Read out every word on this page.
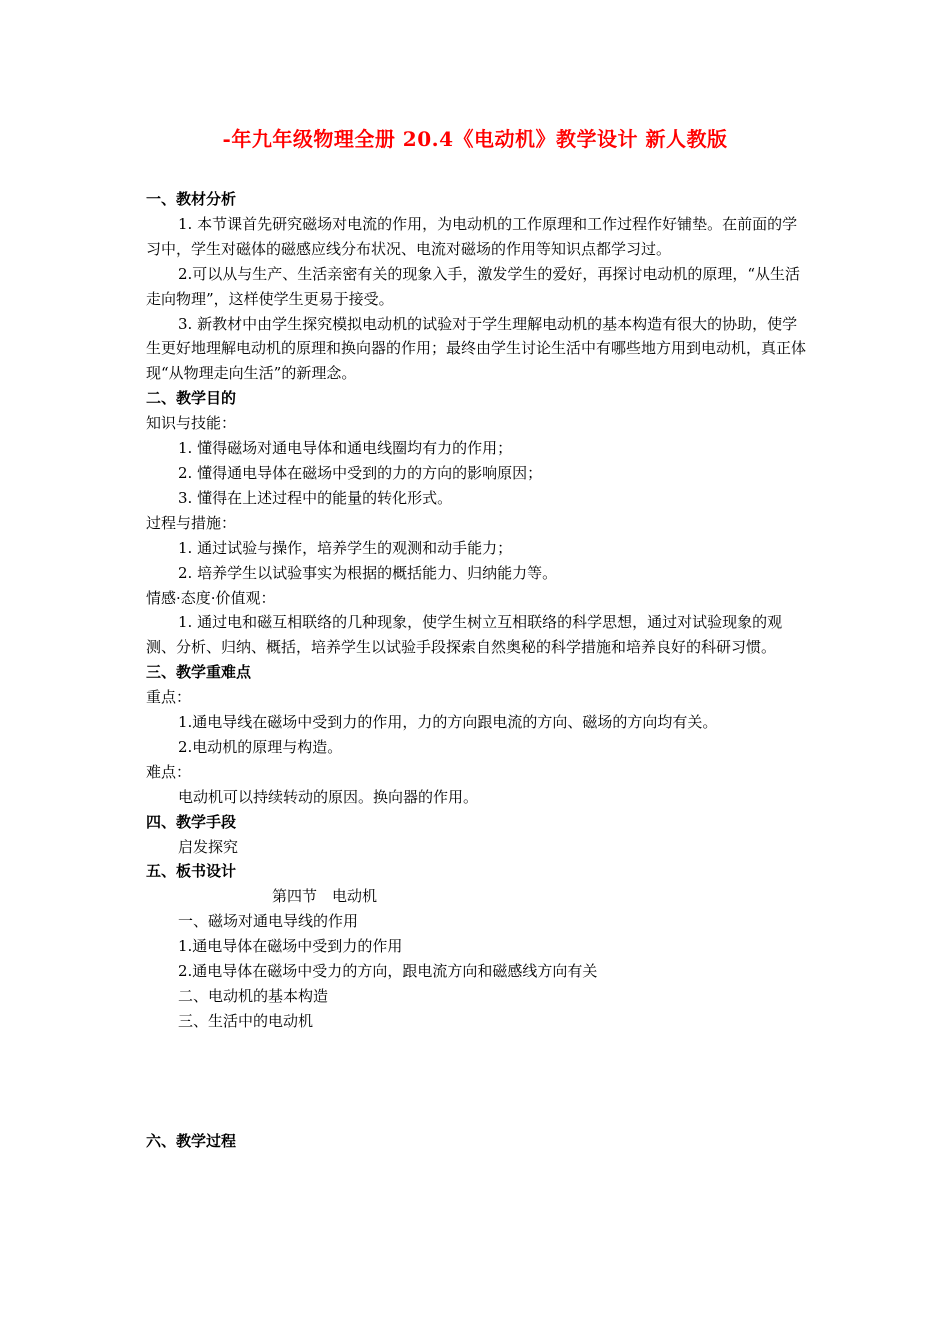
-年九年级物理全册 20.4《电动机》教学设计 新人教版

一、教材分析

1. 本节课首先研究磁场对电流的作用，为电动机的工作原理和工作过程作好铺垫。在前面的学习中，学生对磁体的磁感应线分布状况、电流对磁场的作用等知识点都学习过。

2.可以从与生产、生活亲密有关的现象入手，激发学生的爱好，再探讨电动机的原理，“从生活走向物理”，这样使学生更易于接受。

3. 新教材中由学生探究模拟电动机的试验对于学生理解电动机的基本构造有很大的协助，使学生更好地理解电动机的原理和换向器的作用；最终由学生讨论生活中有哪些地方用到电动机，真正体现“从物理走向生活”的新理念。

二、教学目的

知识与技能：

1. 懂得磁场对通电导体和通电线圈均有力的作用；

2. 懂得通电导体在磁场中受到的力的方向的影响原因；

3. 懂得在上述过程中的能量的转化形式。

过程与措施：

1. 通过试验与操作，培养学生的观测和动手能力；

2. 培养学生以试验事实为根据的概括能力、归纳能力等。

情感·态度·价值观：

1. 通过电和磁互相联络的几种现象，使学生树立互相联络的科学思想，通过对试验现象的观测、分析、归纳、概括，培养学生以试验手段探索自然奥秘的科学措施和培养良好的科研习惯。

三、教学重难点

重点：

1.通电导线在磁场中受到力的作用，力的方向跟电流的方向、磁场的方向均有关。

2.电动机的原理与构造。

难点：

电动机可以持续转动的原因。换向器的作用。

四、教学手段

启发探究

五、板书设计

第四节　电动机

一、磁场对通电导线的作用

1.通电导体在磁场中受到力的作用

2.通电导体在磁场中受力的方向，跟电流方向和磁感线方向有关

二、电动机的基本构造

三、生活中的电动机

六、教学过程
